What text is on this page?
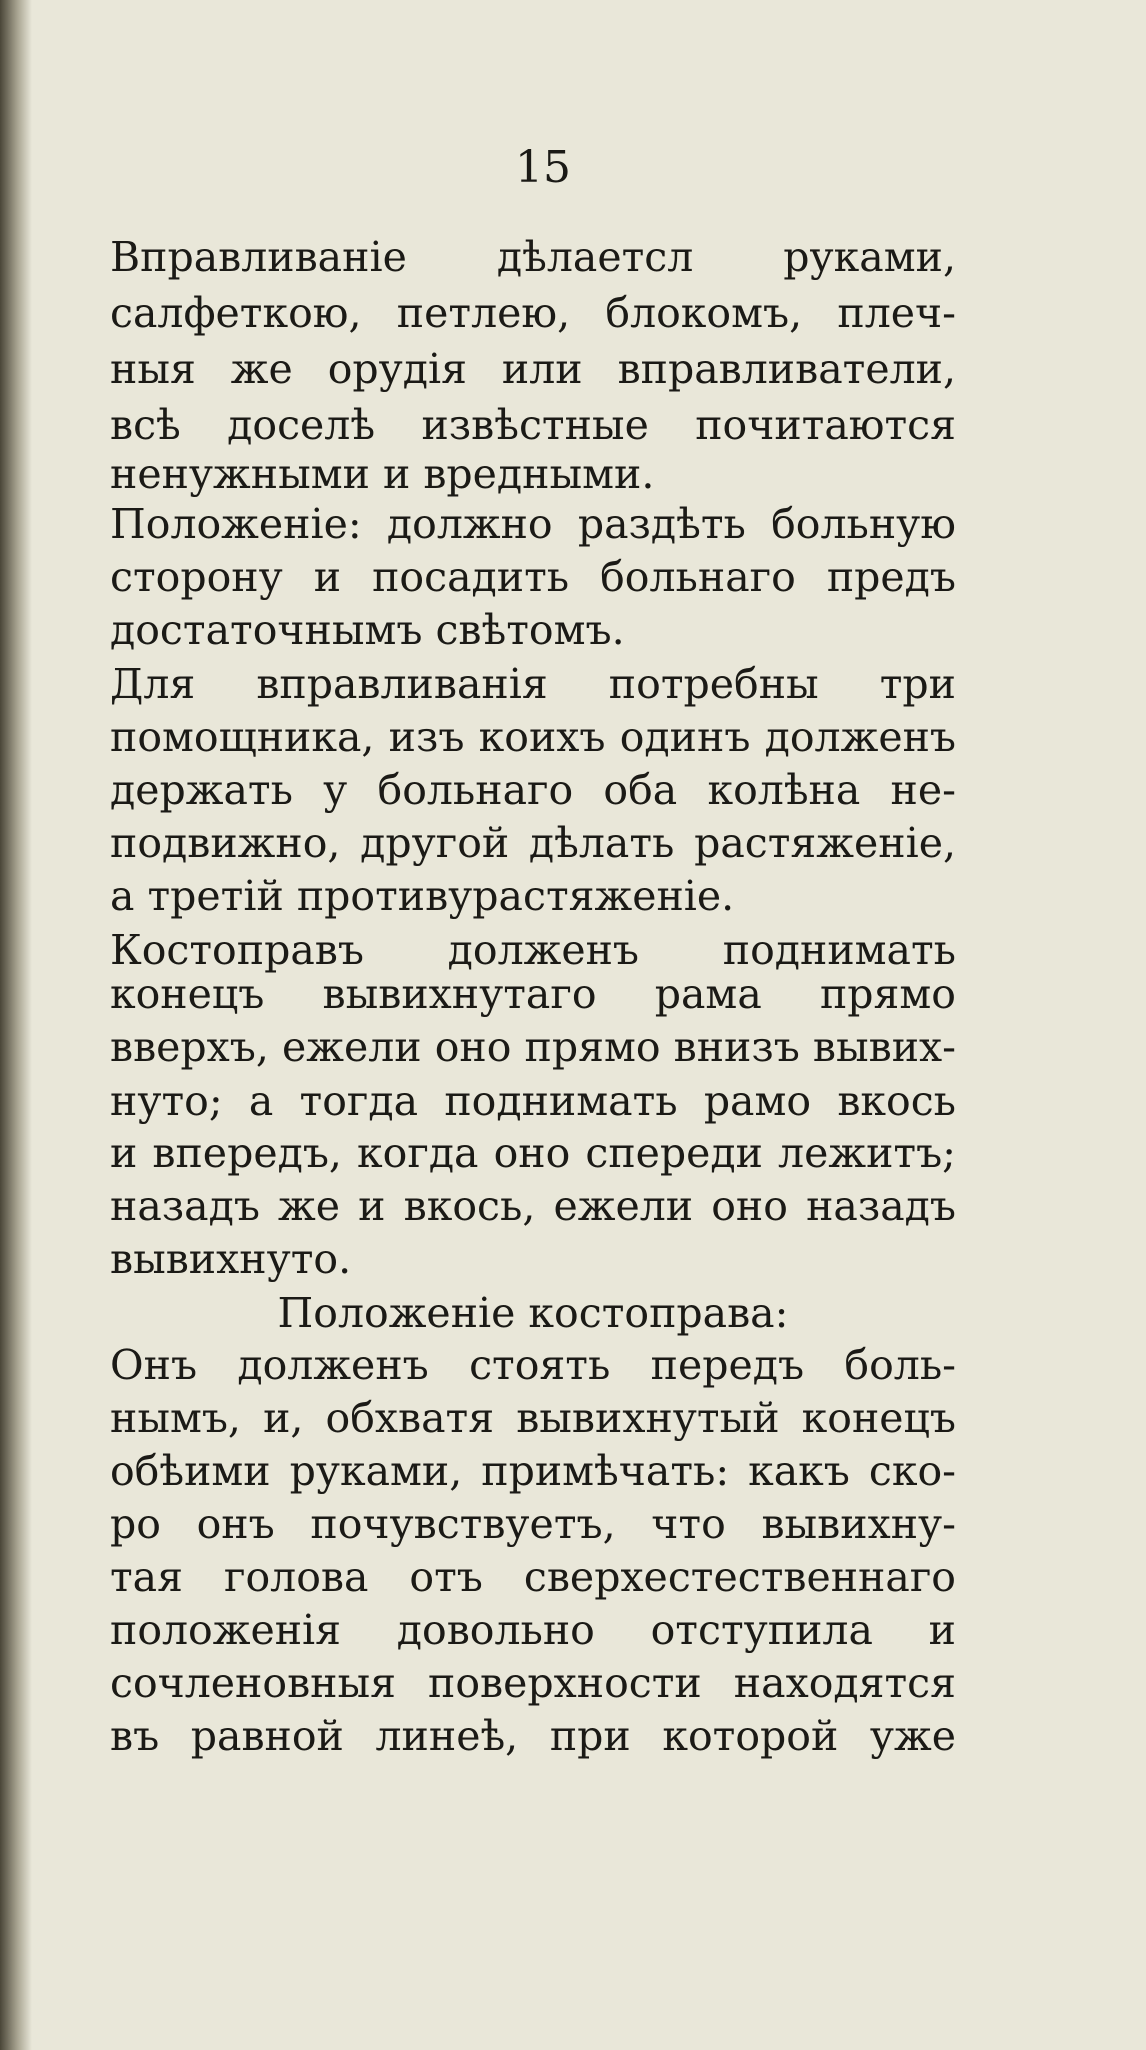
15
Вправливаніе дѣлаетсл руками,
салфеткою, петлею, блокомъ, плеч-
ныя же орудія или вправливатели,
всѣ доселѣ извѣстные почитаются
ненужными и вредными.
Положеніе: должно раздѣть больную
сторону и посадить больнаго предъ
достаточнымъ свѣтомъ.
Для вправливанія потребны три
помощника, изъ коихъ одинъ долженъ
держать у больнаго оба колѣна не-
подвижно, другой дѣлать растяженіе,
а третій противурастяженіе.
Костоправъ долженъ поднимать
конецъ вывихнутаго рама прямо
вверхъ, ежели оно прямо внизъ вывих-
нуто; а тогда поднимать рамо вкось
и впередъ, когда оно спереди лежитъ;
назадъ же и вкось, ежели оно назадъ
вывихнуто.
Положеніе костоправа:
Онъ долженъ стоять передъ боль-
нымъ, и, обхватя вывихнутый конецъ
обѣими руками, примѣчать: какъ ско-
ро онъ почувствуетъ, что вывихну-
тая голова отъ сверхестественнаго
положенія довольно отступила и
сочленовныя поверхности находятся
въ равной линеѣ, при которой уже
